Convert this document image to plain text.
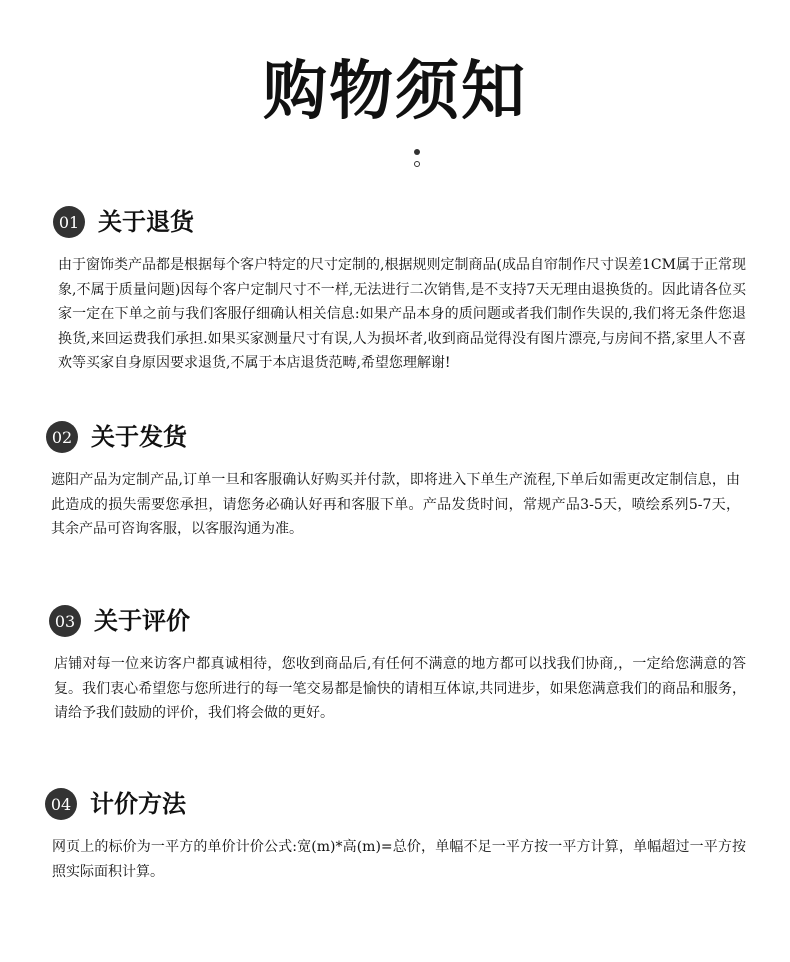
购物须知
01 关于退货

由于窗饰类产品都是根据每个客户特定的尺寸定制的,根据规则定制商品(成品自帘制作尺寸误差1CM属于正常现象,不属于质量问题)因每个客户定制尺寸不一样,无法进行二次销售,是不支持7天无理由退换货的。因此请各位买家一定在下单之前与我们客服仔细确认相关信息:如果产品本身的质问题或者我们制作失误的,我们将无条件您退换货,来回运费我们承担.如果买家测量尺寸有误,人为损坏者,收到商品觉得没有图片漂亮,与房间不搭,家里人不喜欢等买家自身原因要求退货,不属于本店退货范畴,希望您理解谢!

02 关于发货

遮阳产品为定制产品,订单一旦和客服确认好购买并付款，即将进入下单生产流程,下单后如需更改定制信息，由此造成的损失需要您承担，请您务必确认好再和客服下单。产品发货时间，常规产品3-5天，喷绘系列5-7天，其余产品可咨询客服，以客服沟通为准。

03 关于评价

店铺对每一位来访客户都真诚相待，您收到商品后,有任何不满意的地方都可以找我们协商,，一定给您满意的答复。我们衷心希望您与您所进行的每一笔交易都是愉快的请相互体谅,共同进步，如果您满意我们的商品和服务，请给予我们鼓励的评价，我们将会做的更好。

04 计价方法

网页上的标价为一平方的单价计价公式:宽(m)*高(m)=总价，单幅不足一平方按一平方计算，单幅超过一平方按照实际面积计算。
